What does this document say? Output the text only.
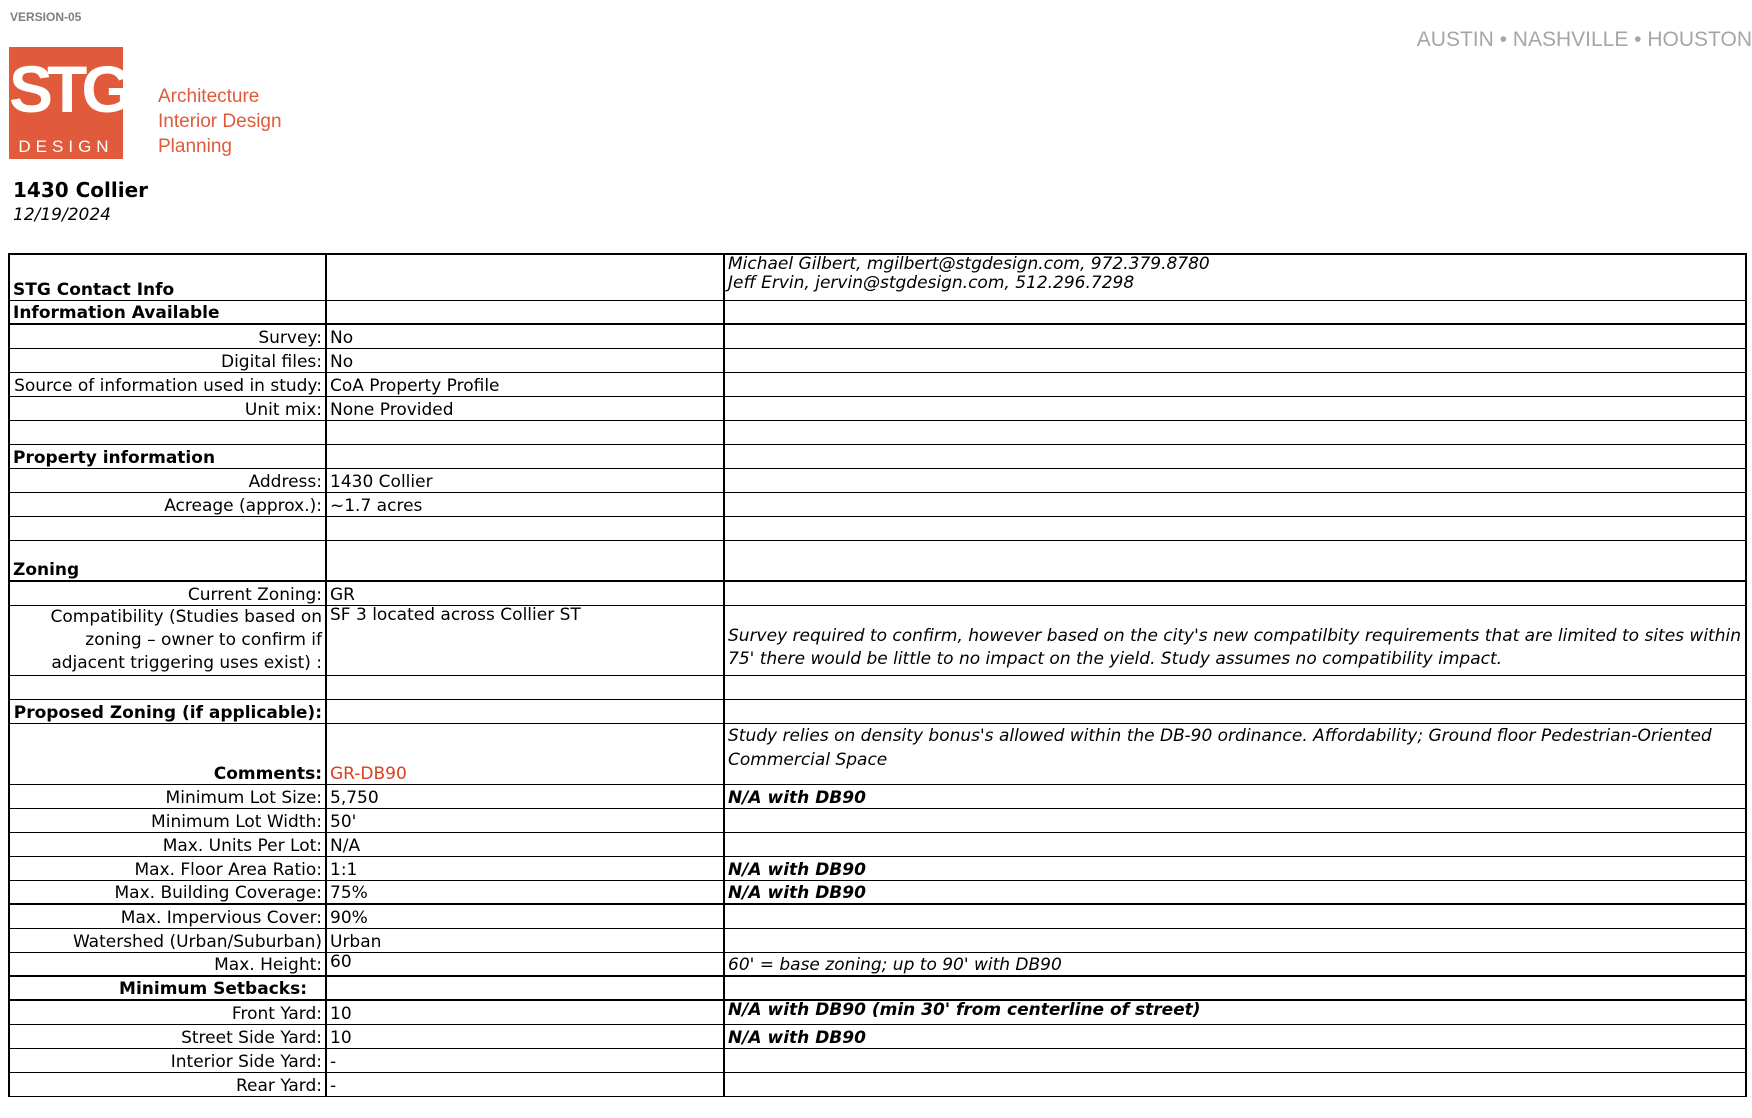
VERSION-05
AUSTIN • NASHVILLE • HOUSTON
STG
DESIGN
Architecture
Interior Design
Planning
1430 Collier
12/19/2024
STG Contact Info		Michael Gilbert, mgilbert@stgdesign.com, 972.379.8780
Jeff Ervin, jervin@stgdesign.com, 512.296.7298

Information Available		
Survey:	No	
Digital files:	No	
Source of information used in study:	CoA Property Profile	
Unit mix:	None Provided	

Property information		
Address:	1430 Collier	
Acreage (approx.):	~1.7 acres	

Zoning		
Current Zoning:	GR	
Compatibility (Studies based on zoning – owner to confirm if adjacent triggering uses exist) :	SF 3 located across Collier ST	Survey required to confirm, however based on the city's new compatilbity requirements that are limited to sites within 75' there would be little to no impact on the yield. Study assumes no compatibility impact.

Proposed Zoning (if applicable):		
Comments:	GR-DB90	Study relies on density bonus's allowed within the DB-90 ordinance. Affordability; Ground floor Pedestrian-Oriented Commercial Space
Minimum Lot Size:	5,750	N/A with DB90
Minimum Lot Width:	50'	
Max. Units Per Lot:	N/A	
Max. Floor Area Ratio:	1:1	N/A with DB90
Max. Building Coverage:	75%	N/A with DB90
Max. Impervious Cover:	90%	
Watershed (Urban/Suburban)	Urban	
Max. Height:	60	60' = base zoning; up to 90' with DB90
Minimum Setbacks:		
Front Yard:	10	N/A with DB90 (min 30' from centerline of street)
Street Side Yard:	10	N/A with DB90
Interior Side Yard:	-	
Rear Yard:	-	
